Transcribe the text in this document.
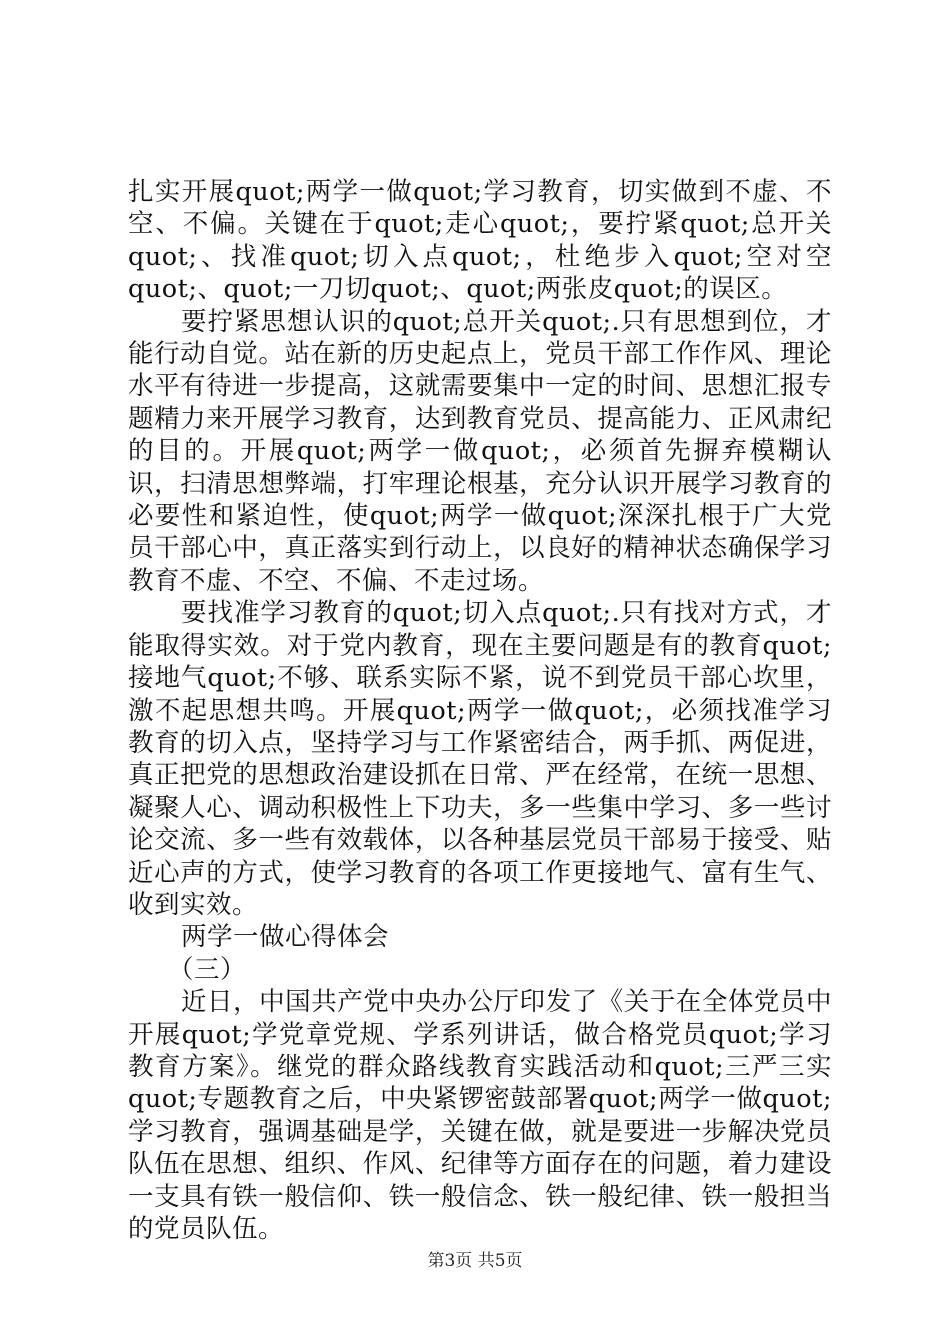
扎实开展quot;两学一做quot;学习教育，切实做到不虚、不空、不偏。关键在于quot;走心quot;，要拧紧quot;总开关quot;、找准quot;切入点quot;，杜绝步入quot;空对空quot;、quot;一刀切quot;、quot;两张皮quot;的误区。

要拧紧思想认识的quot;总开关quot;.只有思想到位，才能行动自觉。站在新的历史起点上，党员干部工作作风、理论水平有待进一步提高，这就需要集中一定的时间、思想汇报专题精力来开展学习教育，达到教育党员、提高能力、正风肃纪的目的。开展quot;两学一做quot;，必须首先摒弃模糊认识，扫清思想弊端，打牢理论根基，充分认识开展学习教育的必要性和紧迫性，使quot;两学一做quot;深深扎根于广大党员干部心中，真正落实到行动上，以良好的精神状态确保学习教育不虚、不空、不偏、不走过场。

要找准学习教育的quot;切入点quot;.只有找对方式，才能取得实效。对于党内教育，现在主要问题是有的教育quot;接地气quot;不够、联系实际不紧，说不到党员干部心坎里，激不起思想共鸣。开展quot;两学一做quot;，必须找准学习教育的切入点，坚持学习与工作紧密结合，两手抓、两促进，真正把党的思想政治建设抓在日常、严在经常，在统一思想、凝聚人心、调动积极性上下功夫，多一些集中学习、多一些讨论交流、多一些有效载体，以各种基层党员干部易于接受、贴近心声的方式，使学习教育的各项工作更接地气、富有生气、收到实效。

两学一做心得体会

（三）

近日，中国共产党中央办公厅印发了《关于在全体党员中开展quot;学党章党规、学系列讲话，做合格党员quot;学习教育方案》。继党的群众路线教育实践活动和quot;三严三实quot;专题教育之后，中央紧锣密鼓部署quot;两学一做quot;学习教育，强调基础是学，关键在做，就是要进一步解决党员队伍在思想、组织、作风、纪律等方面存在的问题，着力建设一支具有铁一般信仰、铁一般信念、铁一般纪律、铁一般担当的党员队伍。

第3页 共5页
